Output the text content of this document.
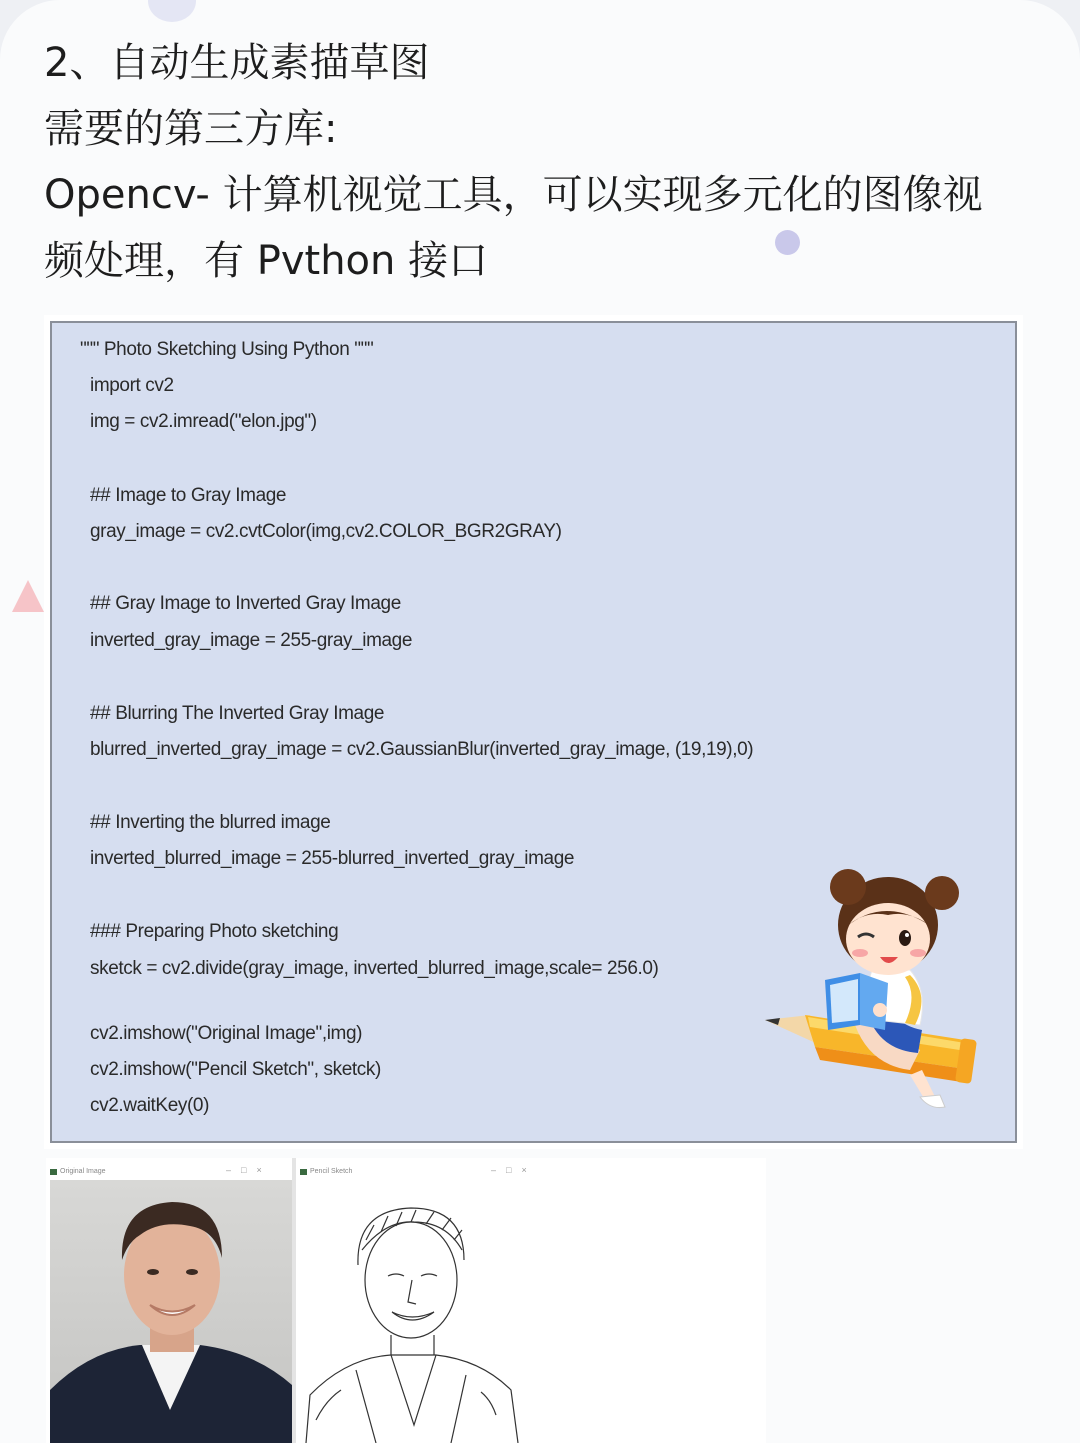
2、自动生成素描草图
需要的第三方库:
Opencv- 计算机视觉工具，可以实现多元化的图像视
频处理，有 Pvthon 接口
""" Photo Sketching Using Python """
import cv2
img = cv2.imread("elon.jpg")
## Image to Gray Image
gray_image = cv2.cvtColor(img,cv2.COLOR_BGR2GRAY)
## Gray Image to Inverted Gray Image
inverted_gray_image = 255-gray_image
## Blurring The Inverted Gray Image
blurred_inverted_gray_image = cv2.GaussianBlur(inverted_gray_image, (19,19),0)
## Inverting the blurred image
inverted_blurred_image = 255-blurred_inverted_gray_image
### Preparing Photo sketching
sketck = cv2.divide(gray_image, inverted_blurred_image,scale= 256.0)
cv2.imshow("Original Image",img)
cv2.imshow("Pencil Sketch", sketck)
cv2.waitKey(0)
Original Image	–□×	Pencil Sketch	–□×
